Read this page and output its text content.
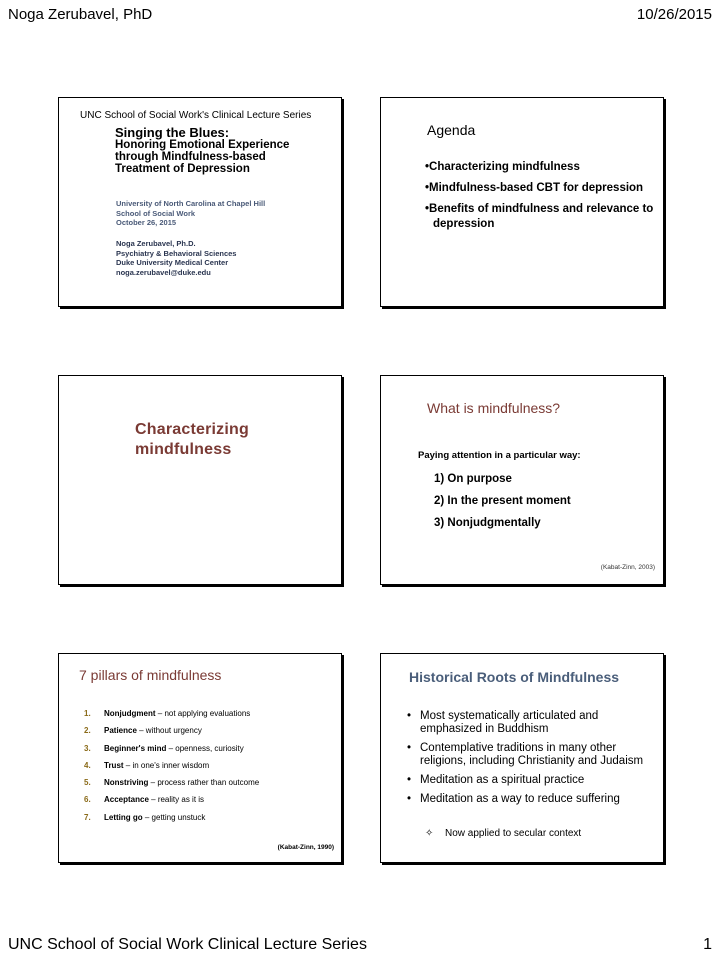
Noga Zerubavel, PhD	10/26/2015
UNC School of Social Work's Clinical Lecture Series
Singing the Blues:
Honoring Emotional Experience
through Mindfulness-based
Treatment of Depression
University of North Carolina at Chapel Hill
School of Social Work
October 26, 2015
Noga Zerubavel, Ph.D.
Psychiatry & Behavioral Sciences
Duke University Medical Center
noga.zerubavel@duke.edu
Agenda
•Characterizing mindfulness
•Mindfulness-based CBT for depression
•Benefits of mindfulness and relevance to depression
Characterizing
mindfulness
What is mindfulness?
Paying attention in a particular way:
1) On purpose
2) In the present moment
3) Nonjudgmentally
(Kabat-Zinn, 2003)
7 pillars of mindfulness
1.	Nonjudgment – not applying evaluations
2.	Patience – without urgency
3.	Beginner's mind – openness, curiosity
4.	Trust – in one's inner wisdom
5.	Nonstriving – process rather than outcome
6.	Acceptance – reality as it is
7.	Letting go – getting unstuck
(Kabat-Zinn, 1990)
Historical Roots of Mindfulness
• Most systematically articulated and emphasized in Buddhism
• Contemplative traditions in many other religions, including Christianity and Judaism
• Meditation as a spiritual practice
• Meditation as a way to reduce suffering
✧	Now applied to secular context
UNC School of Social Work Clinical Lecture Series	1
